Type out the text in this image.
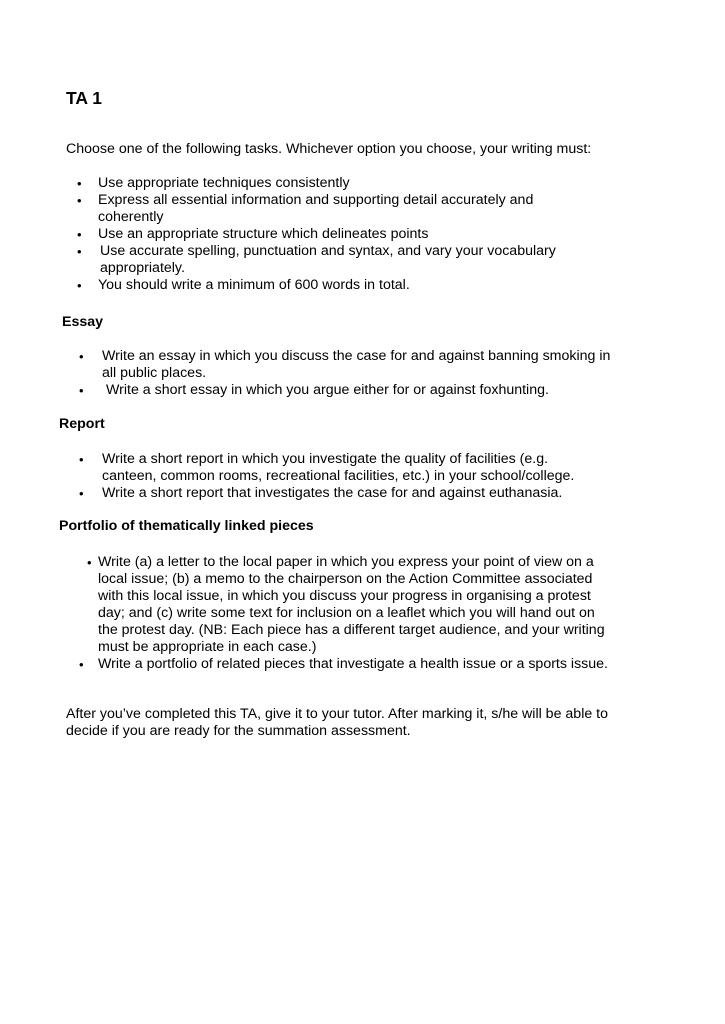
TA 1

Choose one of the following tasks. Whichever option you choose, your writing must:

• Use appropriate techniques consistently
• Express all essential information and supporting detail accurately and coherently
• Use an appropriate structure which delineates points
• Use accurate spelling, punctuation and syntax, and vary your vocabulary appropriately.
• You should write a minimum of 600 words in total.

Essay

• Write an essay in which you discuss the case for and against banning smoking in all public places.
• Write a short essay in which you argue either for or against foxhunting.

Report

• Write a short report in which you investigate the quality of facilities (e.g. canteen, common rooms, recreational facilities, etc.) in your school/college.
• Write a short report that investigates the case for and against euthanasia.

Portfolio of thematically linked pieces

• Write (a) a letter to the local paper in which you express your point of view on a local issue; (b) a memo to the chairperson on the Action Committee associated with this local issue, in which you discuss your progress in organising a protest day; and (c) write some text for inclusion on a leaflet which you will hand out on the protest day. (NB: Each piece has a different target audience, and your writing must be appropriate in each case.)
• Write a portfolio of related pieces that investigate a health issue or a sports issue.

After you’ve completed this TA, give it to your tutor. After marking it, s/he will be able to decide if you are ready for the summation assessment.
